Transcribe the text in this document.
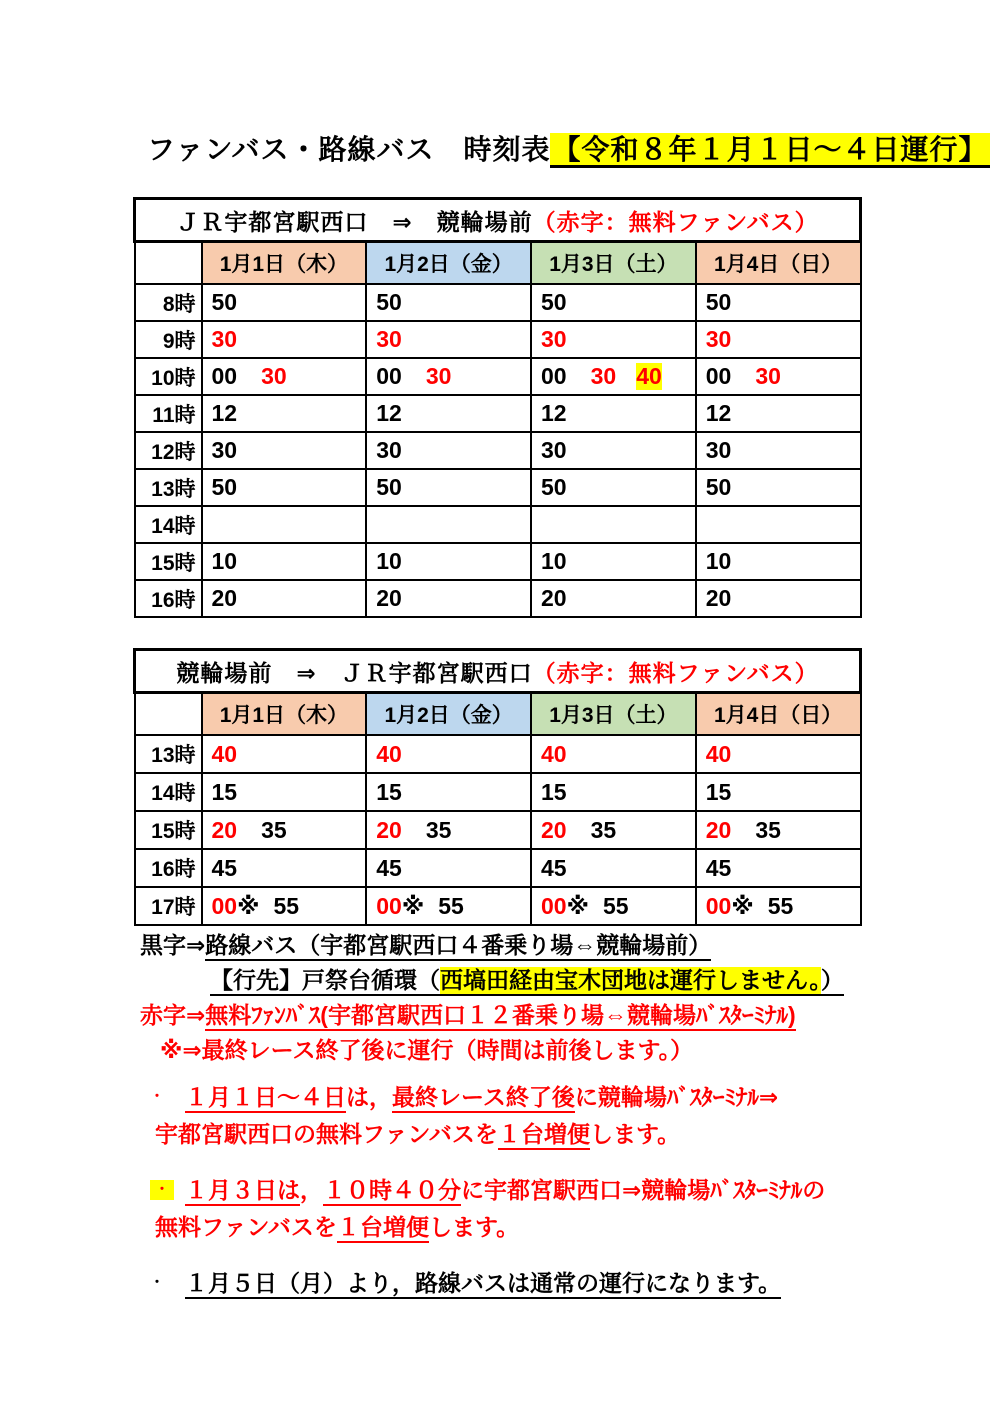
ファンバス・路線バス　時刻表【令和８年１月１日～４日運行】
ＪＲ宇都宮駅西口　⇒　競輪場前（赤字：無料ファンバス）				
	1月1日（木）	1月2日（金）	1月3日（土）	1月4日（日）
8時	50	50	50	50
9時	30	30	30	30
10時	00 30	00 30	00 30 40	00 30
11時	12	12	12	12
12時	30	30	30	30
13時	50	50	50	50
14時				
15時	10	10	10	10
16時	20	20	20	20
競輪場前　⇒　ＪＲ宇都宮駅西口（赤字：無料ファンバス）				
	1月1日（木）	1月2日（金）	1月3日（土）	1月4日（日）
13時	40	40	40	40
14時	15	15	15	15
15時	20 35	20 35	20 35	20 35
16時	45	45	45	45
17時	00※ 55	00※ 55	00※ 55	00※ 55
黒字⇒路線バス（宇都宮駅西口４番乗り場⇔競輪場前）
【行先】戸祭台循環（西塙田経由宝木団地は運行しません。）
赤字⇒無料ﾌｧﾝﾊﾞｽ(宇都宮駅西口１２番乗り場⇔競輪場ﾊﾞｽﾀｰﾐﾅﾙ)
※⇒最終レース終了後に運行（時間は前後します。）
・ １月１日～４日は，最終レース終了後に競輪場ﾊﾞｽﾀｰﾐﾅﾙ⇒
宇都宮駅西口の無料ファンバスを１台増便します。
・ １月３日は，１０時４０分に宇都宮駅西口⇒競輪場ﾊﾞｽﾀｰﾐﾅﾙの
無料ファンバスを１台増便します。
・ １月５日（月）より，路線バスは通常の運行になります。
